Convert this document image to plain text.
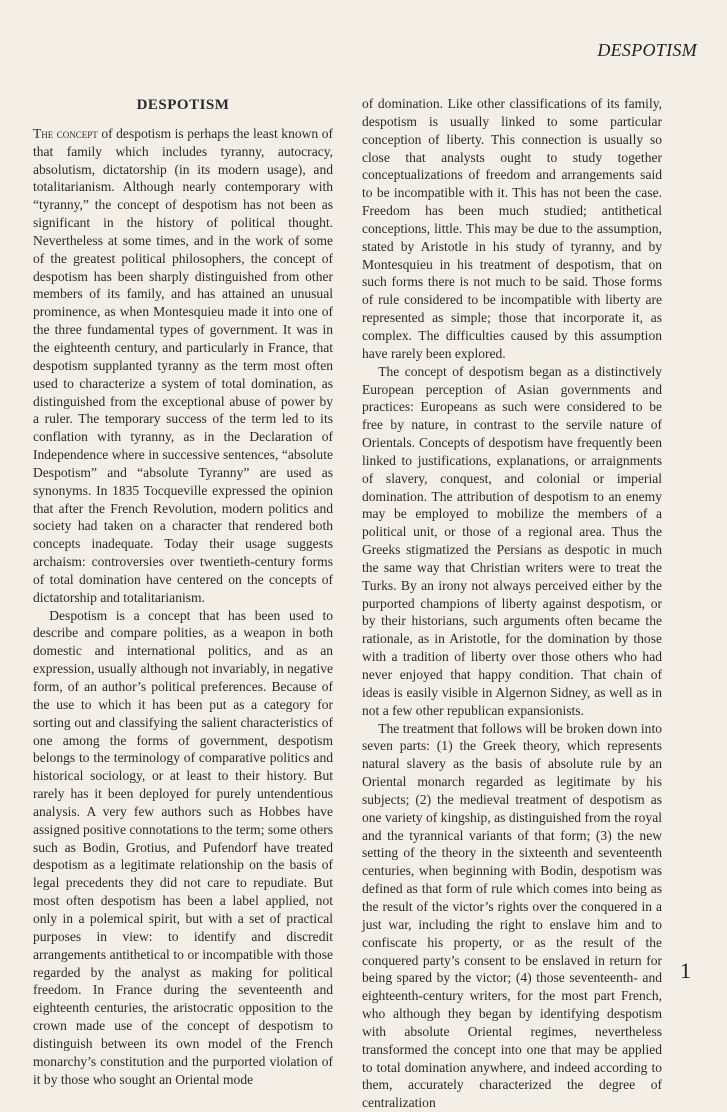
DESPOTISM
DESPOTISM

The concept of despotism is perhaps the least known of that family which includes tyranny, autocracy, absolutism, dictatorship (in its modern usage), and totalitarianism. Although nearly contemporary with “tyranny,” the concept of despotism has not been as significant in the history of political thought. Nevertheless at some times, and in the work of some of the greatest political philosophers, the concept of despotism has been sharply distinguished from other members of its family, and has attained an unusual prominence, as when Montesquieu made it into one of the three fundamental types of government. It was in the eighteenth century, and particularly in France, that despotism supplanted tyranny as the term most often used to characterize a system of total domination, as distinguished from the exceptional abuse of power by a ruler. The temporary success of the term led to its conflation with tyranny, as in the Declaration of Independence where in successive sentences, “absolute Despotism” and “absolute Tyranny” are used as synonyms. In 1835 Tocqueville expressed the opinion that after the French Revolution, modern politics and society had taken on a character that rendered both concepts inadequate. Today their usage suggests archaism: controversies over twentieth-century forms of total domination have centered on the concepts of dictatorship and totalitarianism.

Despotism is a concept that has been used to describe and compare polities, as a weapon in both domestic and international politics, and as an expression, usually although not invariably, in negative form, of an author’s political preferences. Because of the use to which it has been put as a category for sorting out and classifying the salient characteristics of one among the forms of government, despotism belongs to the terminology of comparative politics and historical sociology, or at least to their history. But rarely has it been deployed for purely untendentious analysis. A very few authors such as Hobbes have assigned positive connotations to the term; some others such as Bodin, Grotius, and Pufendorf have treated despotism as a legitimate relationship on the basis of legal precedents they did not care to repudiate. But most often despotism has been a label applied, not only in a polemical spirit, but with a set of practical purposes in view: to identify and discredit arrangements antithetical to or incompatible with those regarded by the analyst as making for political freedom. In France during the seventeenth and eighteenth centuries, the aristocratic opposition to the crown made use of the concept of despotism to distinguish between its own model of the French monarchy’s constitution and the purported violation of it by those who sought an Oriental mode

of domination. Like other classifications of its family, despotism is usually linked to some particular conception of liberty. This connection is usually so close that analysts ought to study together conceptualizations of freedom and arrangements said to be incompatible with it. This has not been the case. Freedom has been much studied; antithetical conceptions, little. This may be due to the assumption, stated by Aristotle in his study of tyranny, and by Montesquieu in his treatment of despotism, that on such forms there is not much to be said. Those forms of rule considered to be incompatible with liberty are represented as simple; those that incorporate it, as complex. The difficulties caused by this assumption have rarely been explored.

The concept of despotism began as a distinctively European perception of Asian governments and practices: Europeans as such were considered to be free by nature, in contrast to the servile nature of Orientals. Concepts of despotism have frequently been linked to justifications, explanations, or arraignments of slavery, conquest, and colonial or imperial domination. The attribution of despotism to an enemy may be employed to mobilize the members of a political unit, or those of a regional area. Thus the Greeks stigmatized the Persians as despotic in much the same way that Christian writers were to treat the Turks. By an irony not always perceived either by the purported champions of liberty against despotism, or by their historians, such arguments often became the rationale, as in Aristotle, for the domination by those with a tradition of liberty over those others who had never enjoyed that happy condition. That chain of ideas is easily visible in Algernon Sidney, as well as in not a few other republican expansionists.

The treatment that follows will be broken down into seven parts: (1) the Greek theory, which represents natural slavery as the basis of absolute rule by an Oriental monarch regarded as legitimate by his subjects; (2) the medieval treatment of despotism as one variety of kingship, as distinguished from the royal and the tyrannical variants of that form; (3) the new setting of the theory in the sixteenth and seventeenth centuries, when beginning with Bodin, despotism was defined as that form of rule which comes into being as the result of the victor’s rights over the conquered in a just war, including the right to enslave him and to confiscate his property, or as the result of the conquered party’s consent to be enslaved in return for being spared by the victor; (4) those seventeenth- and eighteenth-century writers, for the most part French, who although they began by identifying despotism with absolute Oriental regimes, nevertheless transformed the concept into one that may be applied to total domination anywhere, and indeed according to them, accurately characterized the degree of centralization

1
